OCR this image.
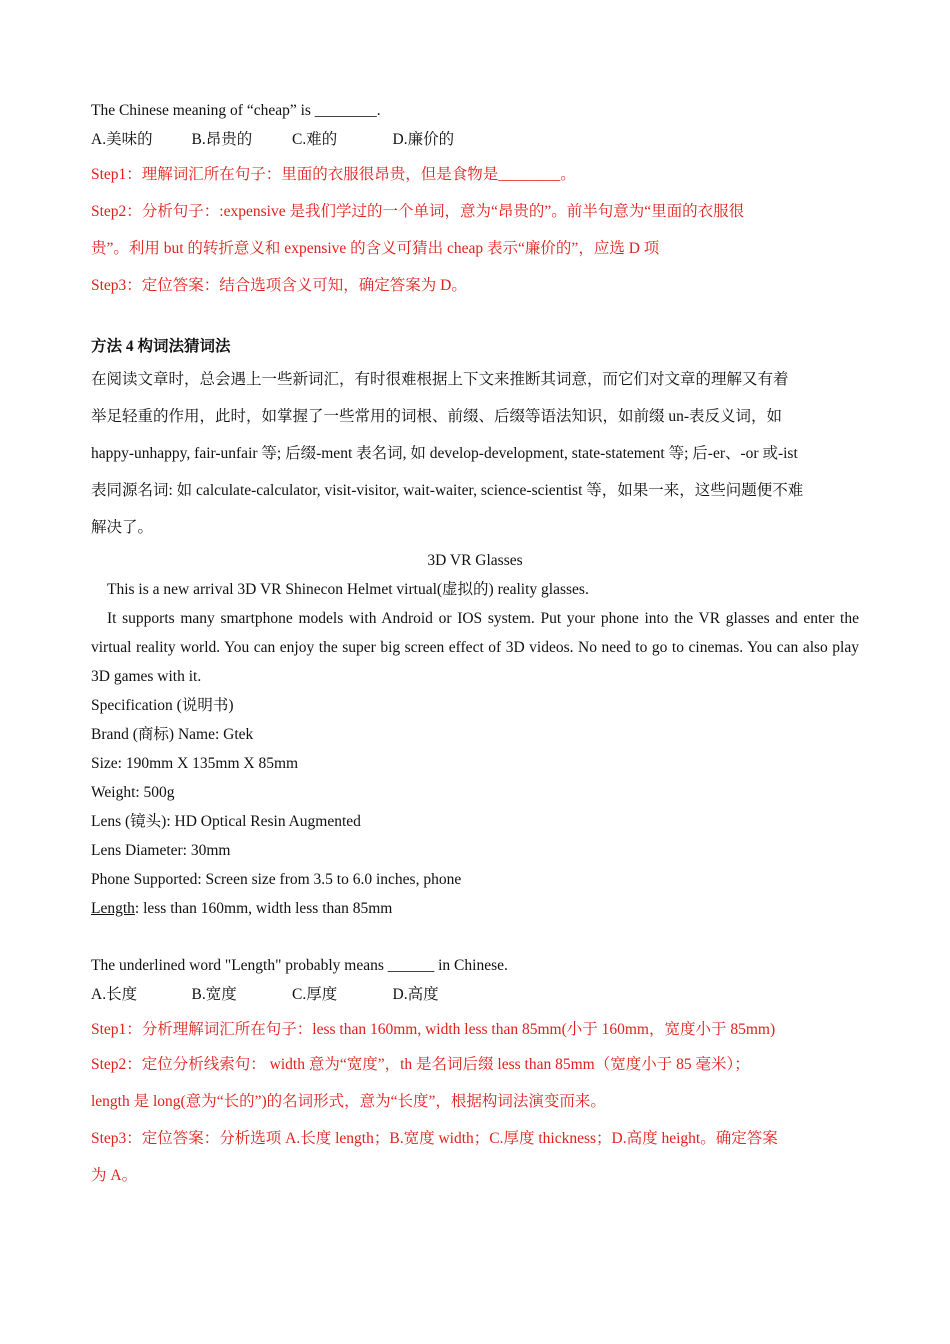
The Chinese meaning of “cheap” is ________.
A.美味的	B.昂贵的	C.难的	D.廉价的
Step1：理解词汇所在句子：里面的衣服很昂贵，但是食物是________。
Step2：分析句子：:expensive 是我们学过的一个单词，意为“昂贵的”。前半句意为“里面的衣服很
贵”。利用 but 的转折意义和 expensive 的含义可猜出 cheap 表示“廉价的”，应选 D 项
Step3：定位答案：结合选项含义可知，确定答案为 D。
方法 4 构词法猜词法
在阅读文章时，总会遇上一些新词汇，有时很难根据上下文来推断其词意，而它们对文章的理解又有着
举足轻重的作用，此时，如掌握了一些常用的词根、前缀、后缀等语法知识，如前缀 un-表反义词，如
happy-unhappy, fair-unfair 等; 后缀-ment 表名词, 如 develop-development, state-statement 等; 后-er、-or 或-ist
表同源名词: 如 calculate-calculator, visit-visitor, wait-waiter, science-scientist 等，如果一来，这些问题便不难
解决了。
3D VR Glasses
This is a new arrival 3D VR Shinecon Helmet virtual(虚拟的) reality glasses.
It supports many smartphone models with Android or IOS system. Put your phone into the VR glasses and enter the virtual reality world. You can enjoy the super big screen effect of 3D videos. No need to go to cinemas. You can also play 3D games with it.
Specification (说明书)
Brand (商标) Name: Gtek
Size: 190mm X 135mm X 85mm
Weight: 500g
Lens (镜头): HD Optical Resin Augmented
Lens Diameter: 30mm
Phone Supported: Screen size from 3.5 to 6.0 inches, phone
Length: less than 160mm, width less than 85mm
The underlined word "Length" probably means ______ in Chinese.
A.长度	B.宽度	C.厚度	D.高度
Step1：分析理解词汇所在句子：less than 160mm, width less than 85mm(小于 160mm，宽度小于 85mm)
Step2：定位分析线索句： width 意为“宽度”，th 是名词后缀 less than 85mm（宽度小于 85 毫米）；
length 是 long(意为“长的”)的名词形式，意为“长度”，根据构词法演变而来。
Step3：定位答案：分析选项 A.长度 length；B.宽度 width；C.厚度 thickness；D.高度 height。确定答案
为 A。
